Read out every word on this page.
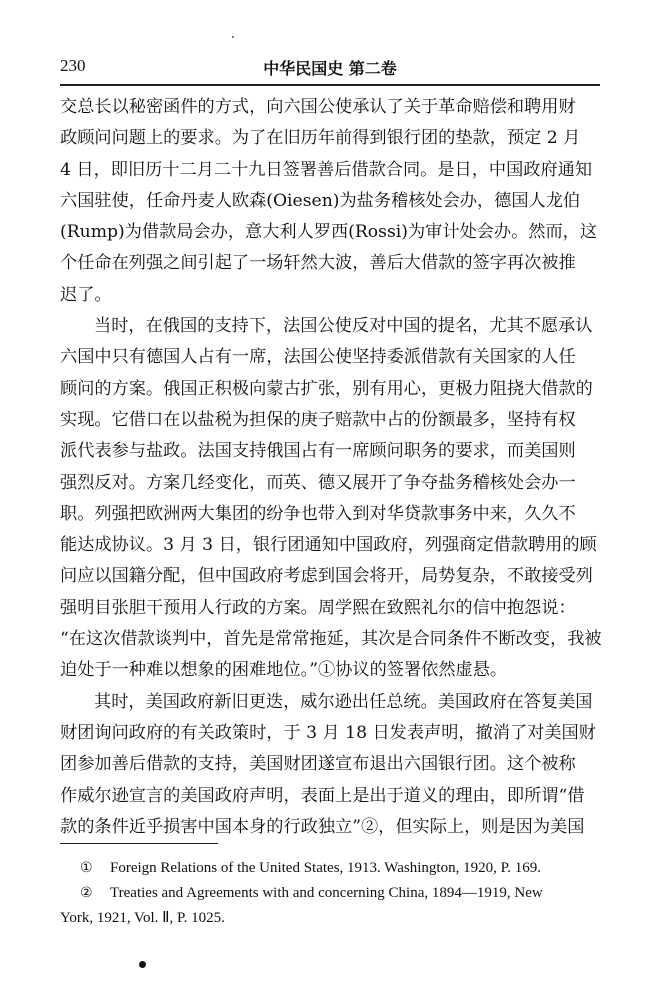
230	中华民国史 第二卷
交总长以秘密函件的方式，向六国公使承认了关于革命赔偿和聘用财
政顾问问题上的要求。为了在旧历年前得到银行团的垫款，预定 2 月
4 日，即旧历十二月二十九日签署善后借款合同。是日，中国政府通知
六国驻使，任命丹麦人欧森(Oiesen)为盐务稽核处会办，德国人龙伯
(Rump)为借款局会办，意大利人罗西(Rossi)为审计处会办。然而，这
个任命在列强之间引起了一场轩然大波，善后大借款的签字再次被推
迟了。
当时，在俄国的支持下，法国公使反对中国的提名，尤其不愿承认
六国中只有德国人占有一席，法国公使坚持委派借款有关国家的人任
顾问的方案。俄国正积极向蒙古扩张，别有用心，更极力阻挠大借款的
实现。它借口在以盐税为担保的庚子赔款中占的份额最多，坚持有权
派代表参与盐政。法国支持俄国占有一席顾问职务的要求，而美国则
强烈反对。方案几经变化，而英、德又展开了争夺盐务稽核处会办一
职。列强把欧洲两大集团的纷争也带入到对华贷款事务中来，久久不
能达成协议。3 月 3 日，银行团通知中国政府，列强商定借款聘用的顾
问应以国籍分配，但中国政府考虑到国会将开，局势复杂，不敢接受列
强明目张胆干预用人行政的方案。周学熙在致熙礼尔的信中抱怨说：
“在这次借款谈判中，首先是常常拖延，其次是合同条件不断改变，我被
迫处于一种难以想象的困难地位。”①协议的签署依然虚悬。
其时，美国政府新旧更迭，威尔逊出任总统。美国政府在答复美国
财团询问政府的有关政策时，于 3 月 18 日发表声明，撤消了对美国财
团参加善后借款的支持，美国财团遂宣布退出六国银行团。这个被称
作威尔逊宣言的美国政府声明，表面上是出于道义的理由，即所谓“借
款的条件近乎损害中国本身的行政独立”②，但实际上，则是因为美国
① Foreign Relations of the United States, 1913. Washington, 1920, P. 169.
② Treaties and Agreements with and concerning China, 1894—1919, New
York, 1921, Vol. Ⅱ, P. 1025.
